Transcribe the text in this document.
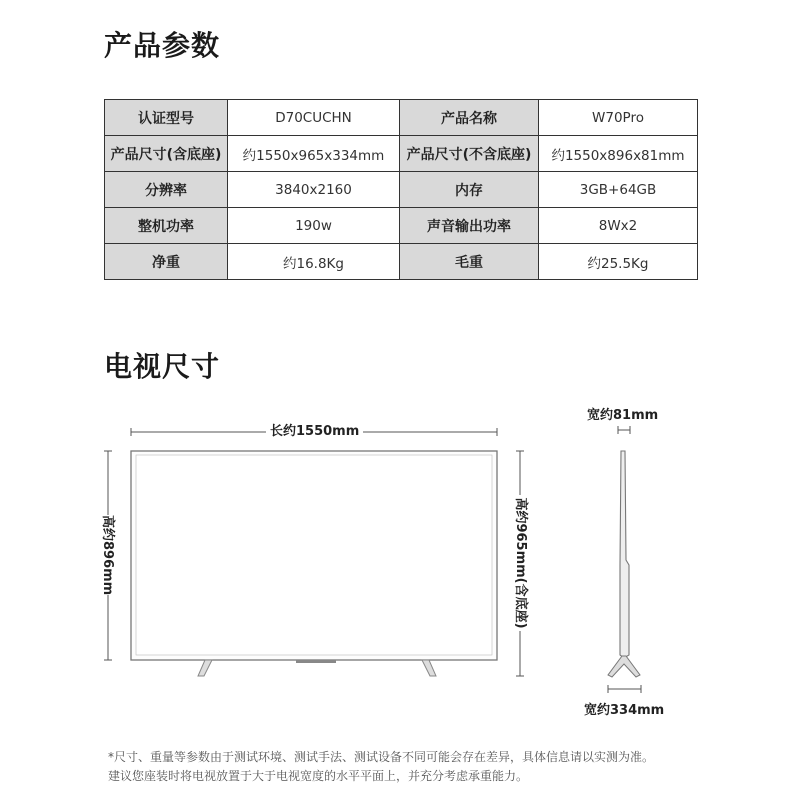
产品参数
认证型号	D70CUCHN	产品名称	W70Pro
产品尺寸(含底座)	约1550x965x334mm	产品尺寸(不含底座)	约1550x896x81mm
分辨率	3840x2160	内存	3GB+64GB
整机功率	190w	声音输出功率	8Wx2
净重	约16.8Kg	毛重	约25.5Kg
电视尺寸
长约1550mm
高约896mm	高约965mm(含底座)
宽约81mm
宽约334mm
*尺寸、重量等参数由于测试环境、测试手法、测试设备不同可能会存在差异，具体信息请以实测为准。
建议您座装时将电视放置于大于电视宽度的水平平面上，并充分考虑承重能力。
